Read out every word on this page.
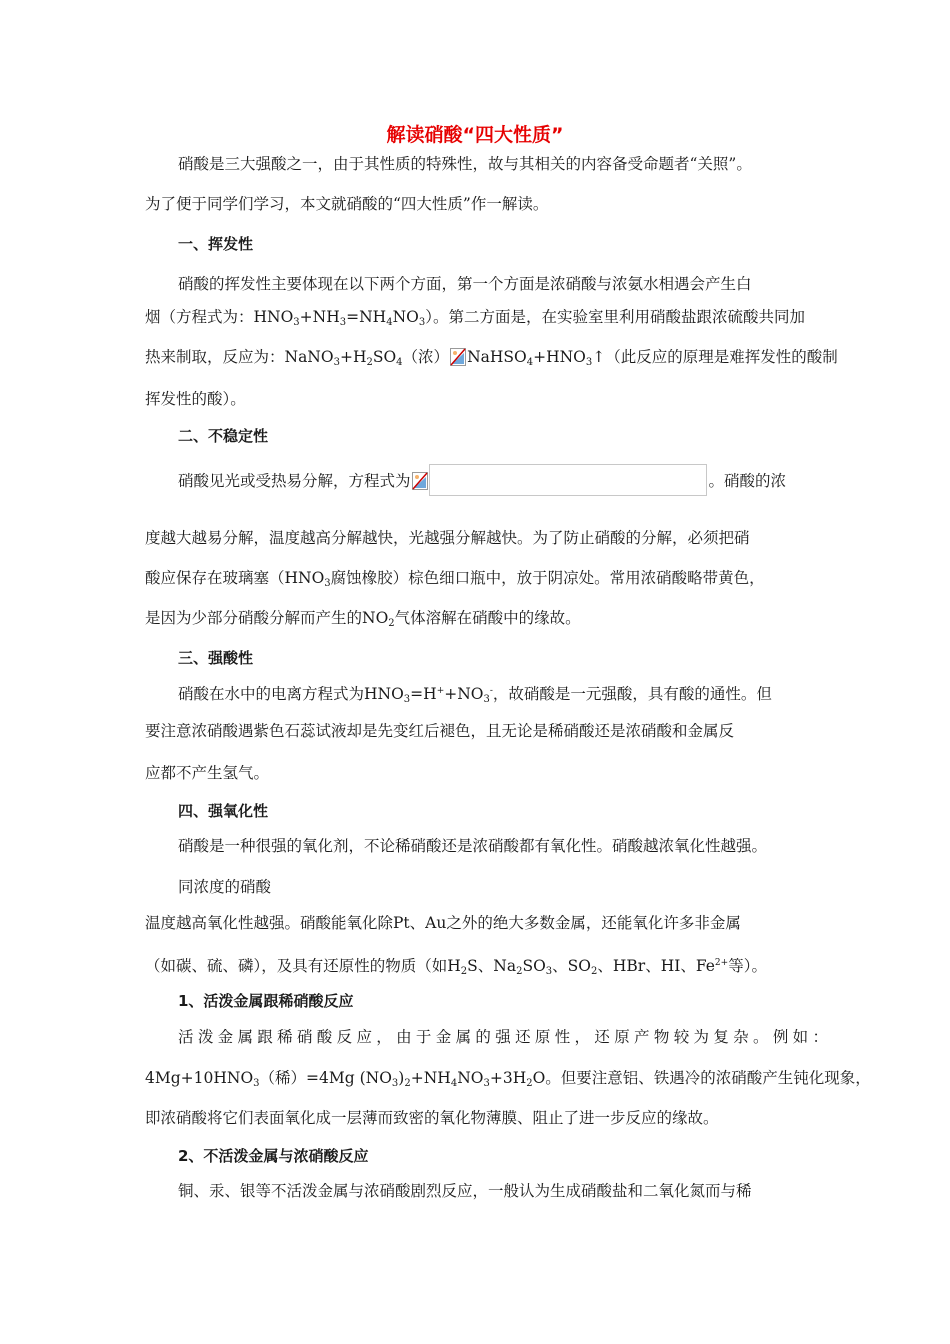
解读硝酸“四大性质”
硝酸是三大强酸之一，由于其性质的特殊性，故与其相关的内容备受命题者“关照”。
为了便于同学们学习，本文就硝酸的“四大性质”作一解读。
一、挥发性
硝酸的挥发性主要体现在以下两个方面，第一个方面是浓硝酸与浓氨水相遇会产生白
烟（方程式为：$HNO_3+NH_3=NH_4NO_3$）。第二方面是，在实验室里利用硝酸盐跟浓硫酸共同加
热来制取，反应为：$NaNO_3+H_2SO_4$（浓） $NaHSO_4+HNO_3↑$（此反应的原理是难挥发性的酸制
挥发性的酸）。
二、不稳定性
硝酸见光或受热易分解，方程式为	。硝酸的浓
度越大越易分解，温度越高分解越快，光越强分解越快。为了防止硝酸的分解，必须把硝
酸应保存在玻璃塞（$HNO_3$腐蚀橡胶）棕色细口瓶中，放于阴凉处。常用浓硝酸略带黄色，
是因为少部分硝酸分解而产生的$NO_2$气体溶解在硝酸中的缘故。
三、强酸性
硝酸在水中的电离方程式为$HNO_3=H^++NO_3^-$，故硝酸是一元强酸，具有酸的通性。但
要注意浓硝酸遇紫色石蕊试液却是先变红后褪色，且无论是稀硝酸还是浓硝酸和金属反
应都不产生氢气。
四、强氧化性
硝酸是一种很强的氧化剂，不论稀硝酸还是浓硝酸都有氧化性。硝酸越浓氧化性越强。
同浓度的硝酸
温度越高氧化性越强。硝酸能氧化除Pt、Au之外的绝大多数金属，还能氧化许多非金属
（如碳、硫、磷），及具有还原性的物质（如$H_2S$、$Na_2SO_3$、$SO_2$、HBr、HI、$Fe^{2+}$等）。
1、活泼金属跟稀硝酸反应
活泼金属跟稀硝酸反应，由于金属的强还原性，还原产物较为复杂。例如：
$4Mg+10HNO_3$（稀）=4Mg $(NO_3)_2+NH_4NO_3+3H_2O$。但要注意铝、铁遇冷的浓硝酸产生钝化现象，
即浓硝酸将它们表面氧化成一层薄而致密的氧化物薄膜、阻止了进一步反应的缘故。
2、不活泼金属与浓硝酸反应
铜、汞、银等不活泼金属与浓硝酸剧烈反应，一般认为生成硝酸盐和二氧化氮而与稀
